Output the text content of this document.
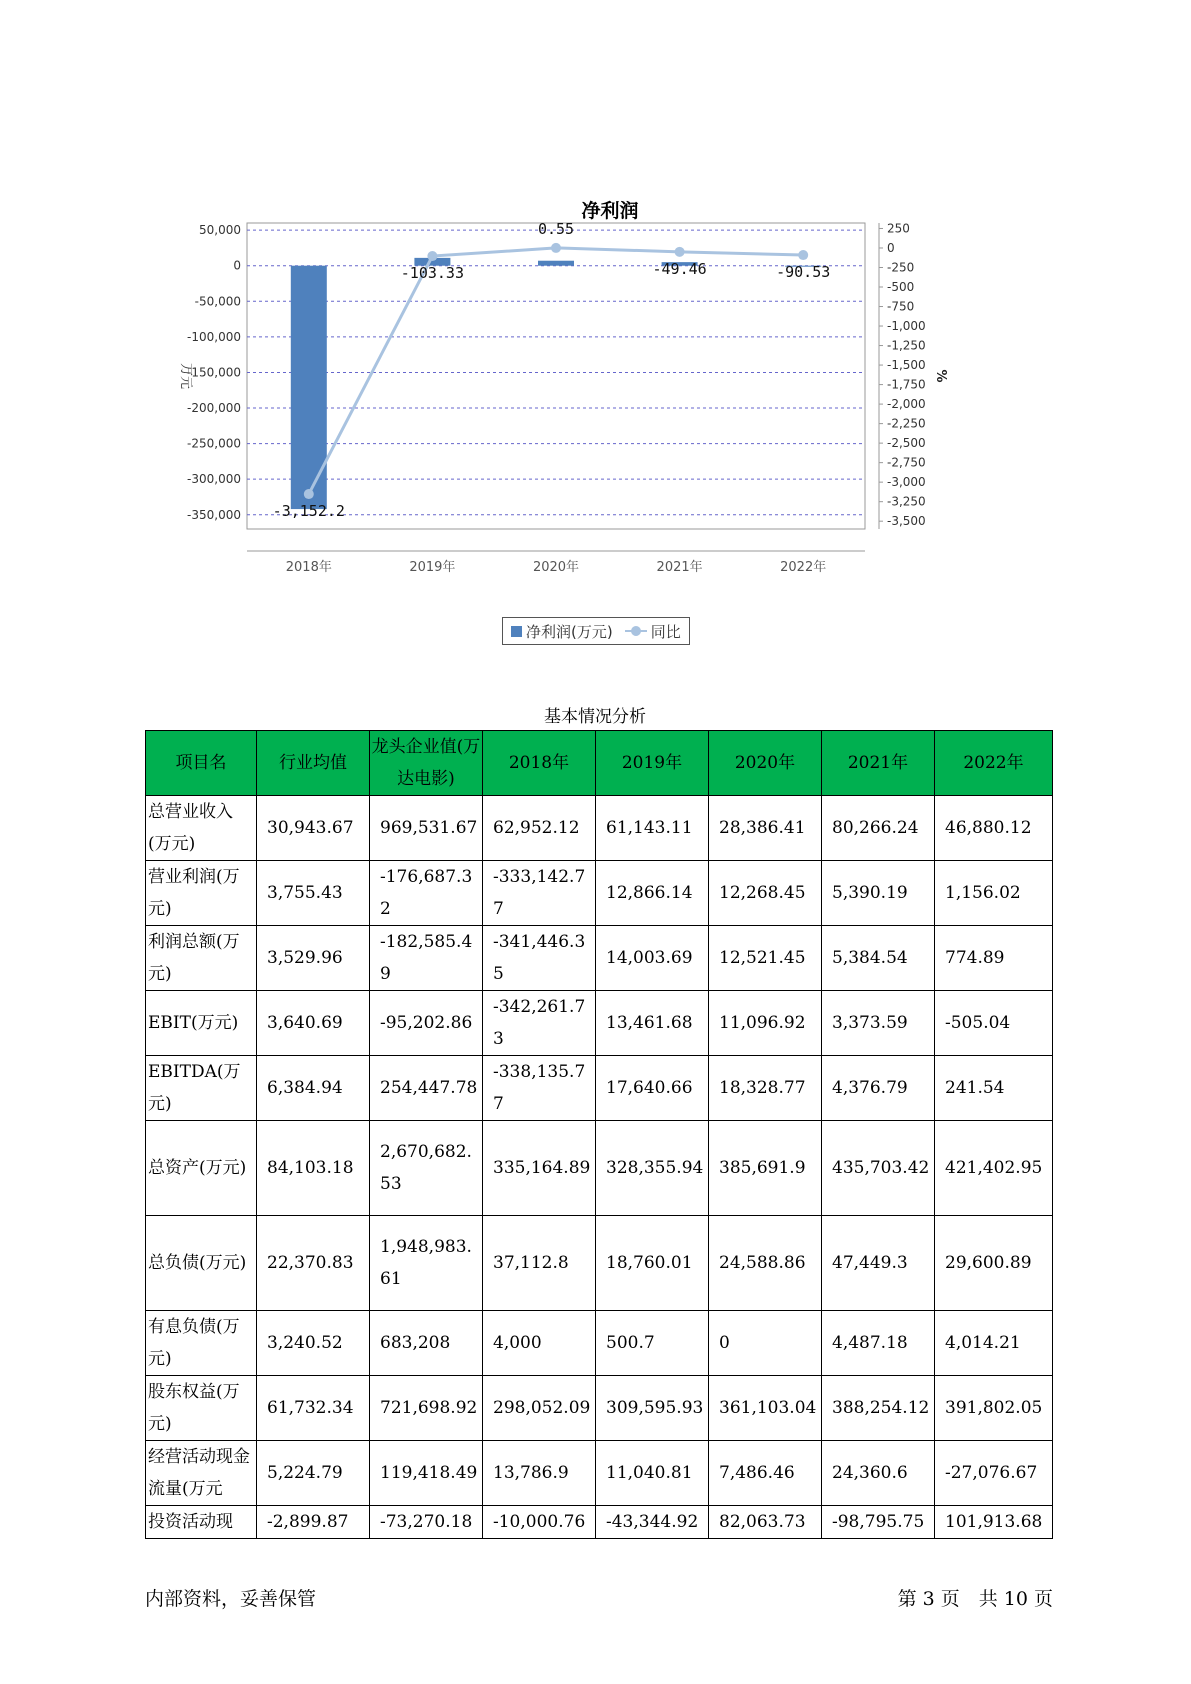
净利润
50,000
0
-50,000
-100,000
-150,000
-200,000
-250,000
-300,000
-350,000
250
0
-250
-500
-750
-1,000
-1,250
-1,500
-1,750
-2,000
-2,250
-2,500
-2,750
-3,000
-3,250
-3,500
万元	%
2018年	2019年	2020年	2021年	2022年
-3,152.2
-103.33
0.55
-49.46	-90.53
净利润(万元)	同比
基本情况分析
项目名	行业均值	龙头企业值(万达电影)	2018年	2019年	2020年	2021年	2022年
总营业收入(万元)	30,943.67	969,531.67	62,952.12	61,143.11	28,386.41	80,266.24	46,880.12
营业利润(万元)	3,755.43	-176,687.32	-333,142.77	12,866.14	12,268.45	5,390.19	1,156.02
利润总额(万元)	3,529.96	-182,585.49	-341,446.35	14,003.69	12,521.45	5,384.54	774.89
EBIT(万元)	3,640.69	-95,202.86	-342,261.73	13,461.68	11,096.92	3,373.59	-505.04
EBITDA(万元)	6,384.94	254,447.78	-338,135.77	17,640.66	18,328.77	4,376.79	241.54
总资产(万元)	84,103.18	2,670,682.53	335,164.89	328,355.94	385,691.9	435,703.42	421,402.95
总负债(万元)	22,370.83	1,948,983.61	37,112.8	18,760.01	24,588.86	47,449.3	29,600.89
有息负债(万元)	3,240.52	683,208	4,000	500.7	0	4,487.18	4,014.21
股东权益(万元)	61,732.34	721,698.92	298,052.09	309,595.93	361,103.04	388,254.12	391,802.05
经营活动现金流量(万元	5,224.79	119,418.49	13,786.9	11,040.81	7,486.46	24,360.6	-27,076.67
投资活动现	-2,899.87	-73,270.18	-10,000.76	-43,344.92	82,063.73	-98,795.75	101,913.68
内部资料，妥善保管	第 3 页　共 10 页
